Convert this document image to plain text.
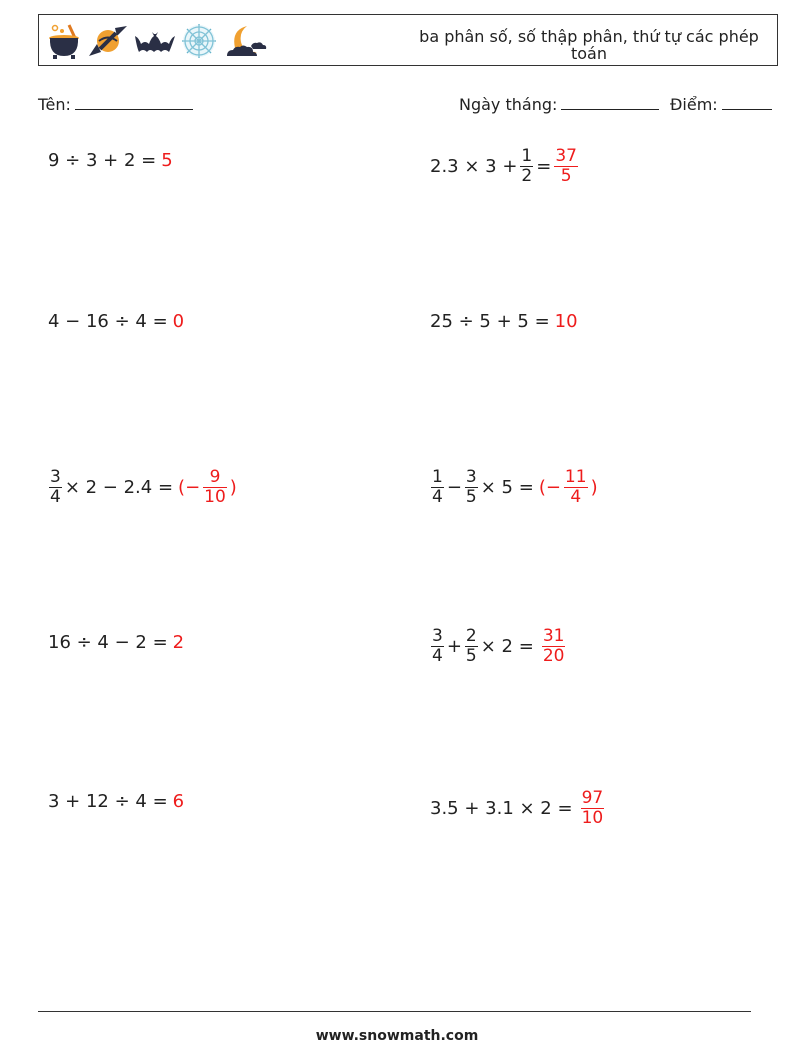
ba phân số, số thập phân, thứ tự các phép toán
Tên:	Ngày tháng:	Điểm:
9 ÷ 3 + 2 = 5	$2.3 \times 3 + \frac{1}{2} = \frac{37}{5}$
4 − 16 ÷ 4 = 0	25 ÷ 5 + 5 = 10
$\frac{3}{4} \times 2 - 2.4$ = (− $\frac{9}{10}$ )	$\frac{1}{4} - \frac{3}{5} \times 5$ = (− $\frac{11}{4}$ )
16 ÷ 4 − 2 = 2	$\frac{3}{4} + \frac{2}{5} \times 2 = \frac{31}{20}$
3 + 12 ÷ 4 = 6	$3.5 + 3.1 \times 2 = \frac{97}{10}$
www.snowmath.com
